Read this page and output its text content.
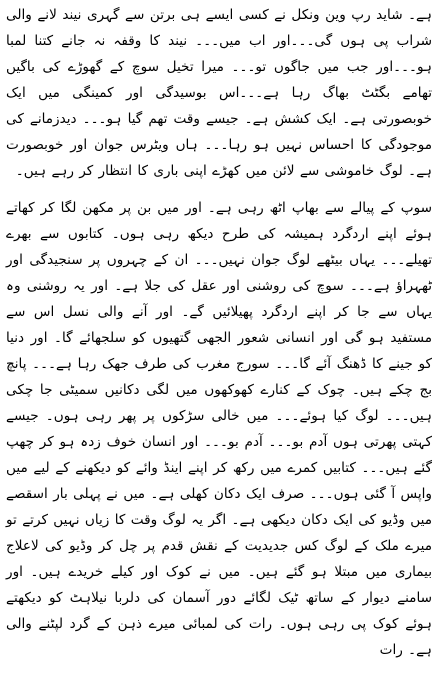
ہے۔ شاید رپ وین ونکل نے کسی ایسے ہی برتن سے گہری نیند لانے والی شراب پی ہوں گی۔۔۔اور اب میں۔۔۔ نیند کا وقفہ نہ جانے کتنا لمبا ہو۔۔۔اور جب میں جاگوں تو۔۔۔ میرا تخیل سوچ کے گھوڑے کی باگیں تھامے بگٹٹ بھاگ رہا ہے۔۔۔اس بوسیدگی اور کمینگی میں ایک خوبصورتی ہے۔ ایک کشش ہے۔ جیسے وقت تھم گیا ہو۔۔۔ دیدزمانے کی موجودگی کا احساس نہیں ہو رہا۔۔۔ ہاں ویٹرس جوان اور خوبصورت ہے۔ لوگ خاموشی سے لائن میں کھڑے اپنی باری کا انتظار کر رہے ہیں۔

سوپ کے پیالے سے بھاپ اٹھ رہی ہے۔ اور میں بن پر مکھن لگا کر کھاتے ہوئے اپنے اردگرد ہمیشہ کی طرح دیکھ رہی ہوں۔ کتابوں سے بھرے تھیلے۔۔۔ یہاں بیٹھے لوگ جوان نہیں۔۔۔ ان کے چہروں پر سنجیدگی اور ٹھہراؤ ہے۔۔۔ سوچ کی روشنی اور عقل کی جلا ہے۔ اور یہ روشنی وہ یہاں سے جا کر اپنے اردگرد پھیلائیں گے۔ اور آنے والی نسل اس سے مستفید ہو گی اور انسانی شعور الجھی گتھیوں کو سلجھائے گا۔ اور دنیا کو جینے کا ڈھنگ آئے گا۔۔۔ سورج مغرب کی طرف جھک رہا ہے۔۔۔ پانچ بج چکے ہیں۔ چوک کے کنارے کھوکھوں میں لگی دکانیں سمیٹی جا چکی ہیں۔۔۔ لوگ کیا ہوئے۔۔۔ میں خالی سڑکوں پر پھر رہی ہوں۔ جیسے کہتی پھرتی ہوں آدم بو۔۔۔ آدم بو۔۔۔ اور انسان خوف زدہ ہو کر چھپ گئے ہیں۔۔۔ کتابیں کمرے میں رکھ کر اپنے اینڈ وائے کو دیکھنے کے لیے میں واپس آ گئی ہوں۔۔۔ صرف ایک دکان کھلی ہے۔ میں نے پہلی بار اسقصے میں وڈیو کی ایک دکان دیکھی ہے۔ اگر یہ لوگ وقت کا زیاں نہیں کرتے تو میرے ملک کے لوگ کس جدیدیت کے نقش قدم پر چل کر وڈیو کی لاعلاج بیماری میں مبتلا ہو گئے ہیں۔ میں نے کوک اور کیلے خریدے ہیں۔ اور سامنے دیوار کے ساتھ ٹیک لگائے دور آسمان کی دلربا نیلاہٹ کو دیکھتے ہوئے کوک پی رہی ہوں۔ رات کی لمبائی میرے ذہن کے گرد لپٹنے والی ہے۔ رات
